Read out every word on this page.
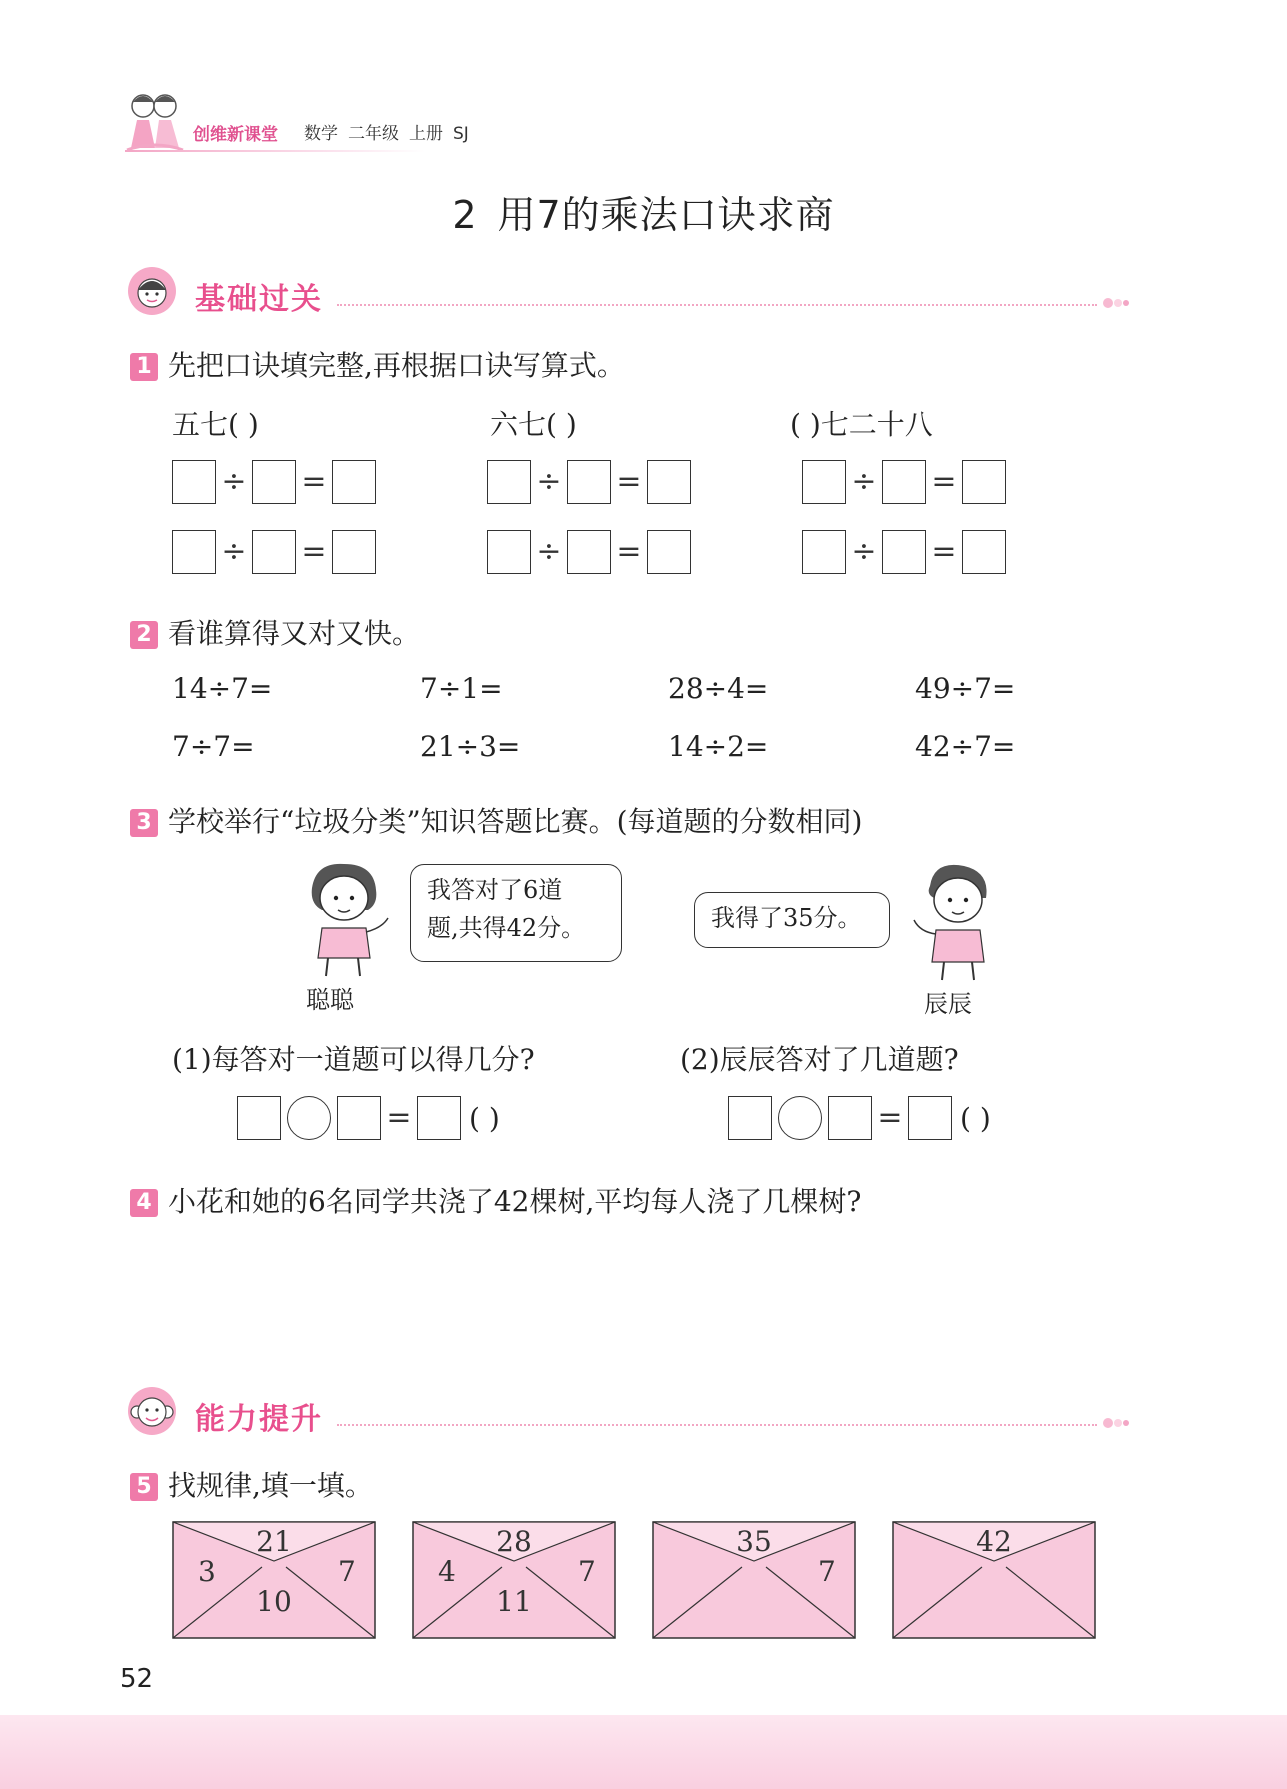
创维新课堂 数学 二年级 上册 SJ
2 用7的乘法口诀求商
基础过关
1 先把口诀填完整,再根据口诀写算式。
五七( )	六七( )	( )七二十八
÷ =	÷ =	÷ =
÷ =	÷ =	÷ =
2 看谁算得又对又快。
14÷7=	7÷1=	28÷4=	49÷7=
7÷7=	21÷3=	14÷2=	42÷7=
3 学校举行“垃圾分类”知识答题比赛。(每道题的分数相同)
我答对了6道
题,共得42分。
聪聪
我得了35分。
辰辰
(1)每答对一道题可以得几分?	(2)辰辰答对了几道题?
= ( )	= ( )
4 小花和她的6名同学共浇了42棵树,平均每人浇了几棵树?
能力提升
5 找规律,填一填。
21
3	7
10
28
4	7
11
35
7
42
52
